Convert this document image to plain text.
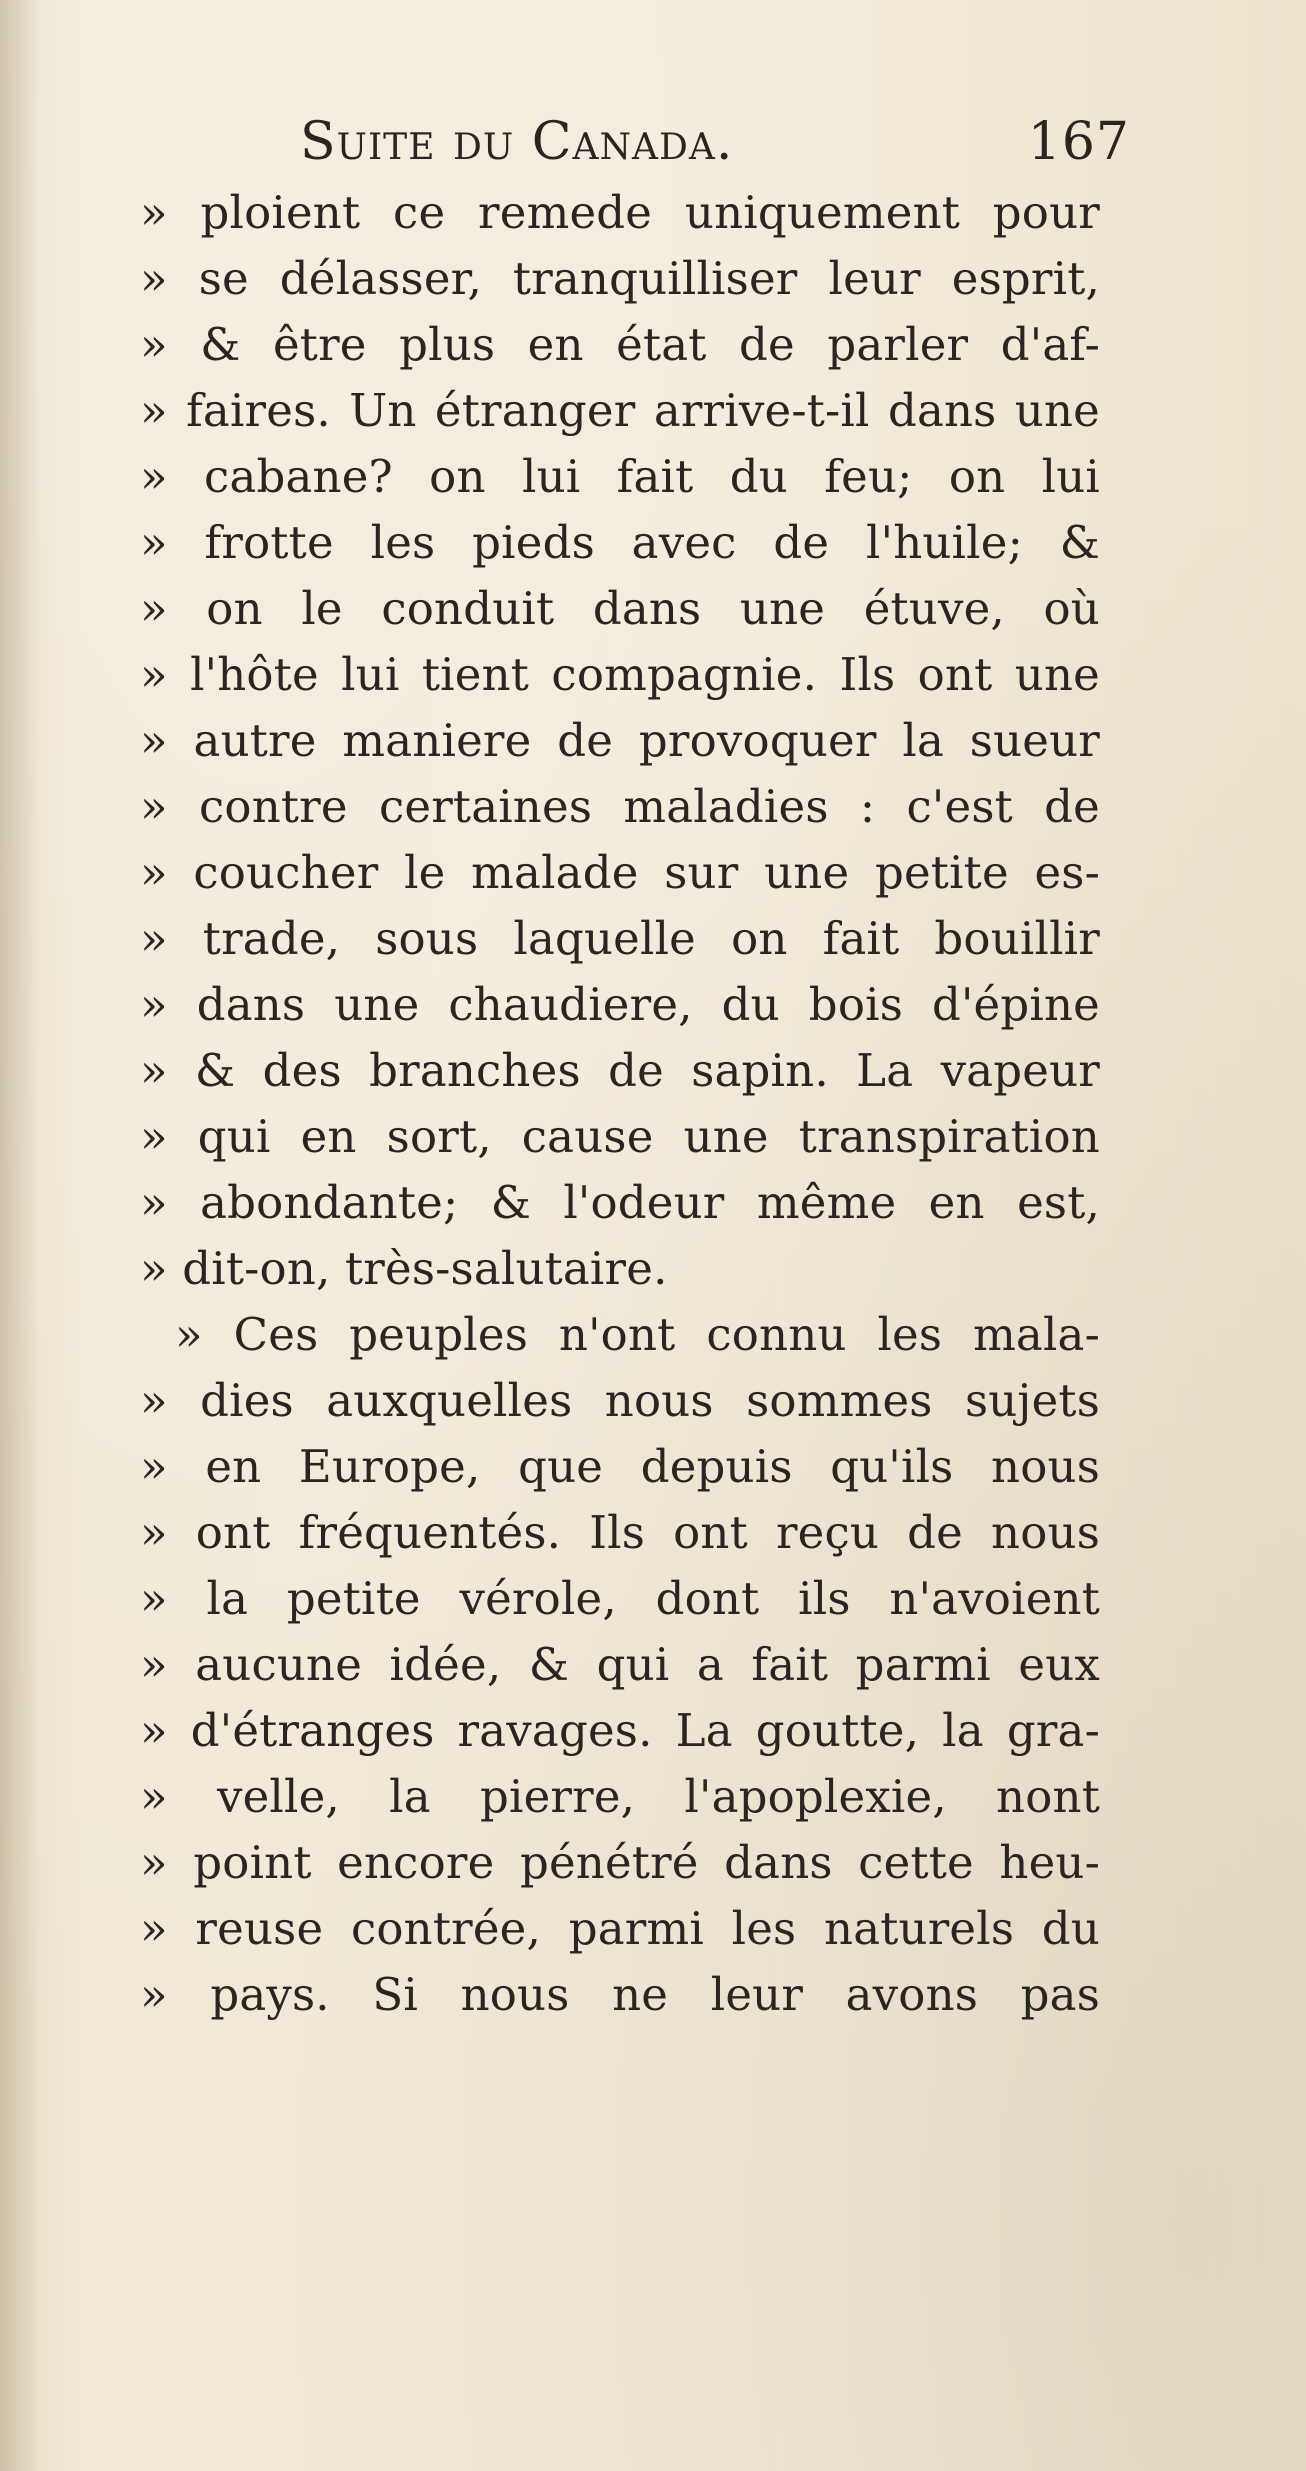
Suite du Canada.	167
» ploient ce remede uniquement pour
» se délasser, tranquilliser leur esprit,
» & être plus en état de parler d'af-
» faires. Un étranger arrive-t-il dans une
» cabane? on lui fait du feu; on lui
» frotte les pieds avec de l'huile; &
» on le conduit dans une étuve, où
» l'hôte lui tient compagnie. Ils ont une
» autre maniere de provoquer la sueur
» contre certaines maladies : c'est de
» coucher le malade sur une petite es-
» trade, sous laquelle on fait bouillir
» dans une chaudiere, du bois d'épine
» & des branches de sapin. La vapeur
» qui en sort, cause une transpiration
» abondante; & l'odeur même en est,
» dit-on, très-salutaire.
» Ces peuples n'ont connu les mala-
» dies auxquelles nous sommes sujets
» en Europe, que depuis qu'ils nous
» ont fréquentés. Ils ont reçu de nous
» la petite vérole, dont ils n'avoient
» aucune idée, & qui a fait parmi eux
» d'étranges ravages. La goutte, la gra-
» velle, la pierre, l'apoplexie, nont
» point encore pénétré dans cette heu-
» reuse contrée, parmi les naturels du
» pays. Si nous ne leur avons pas
